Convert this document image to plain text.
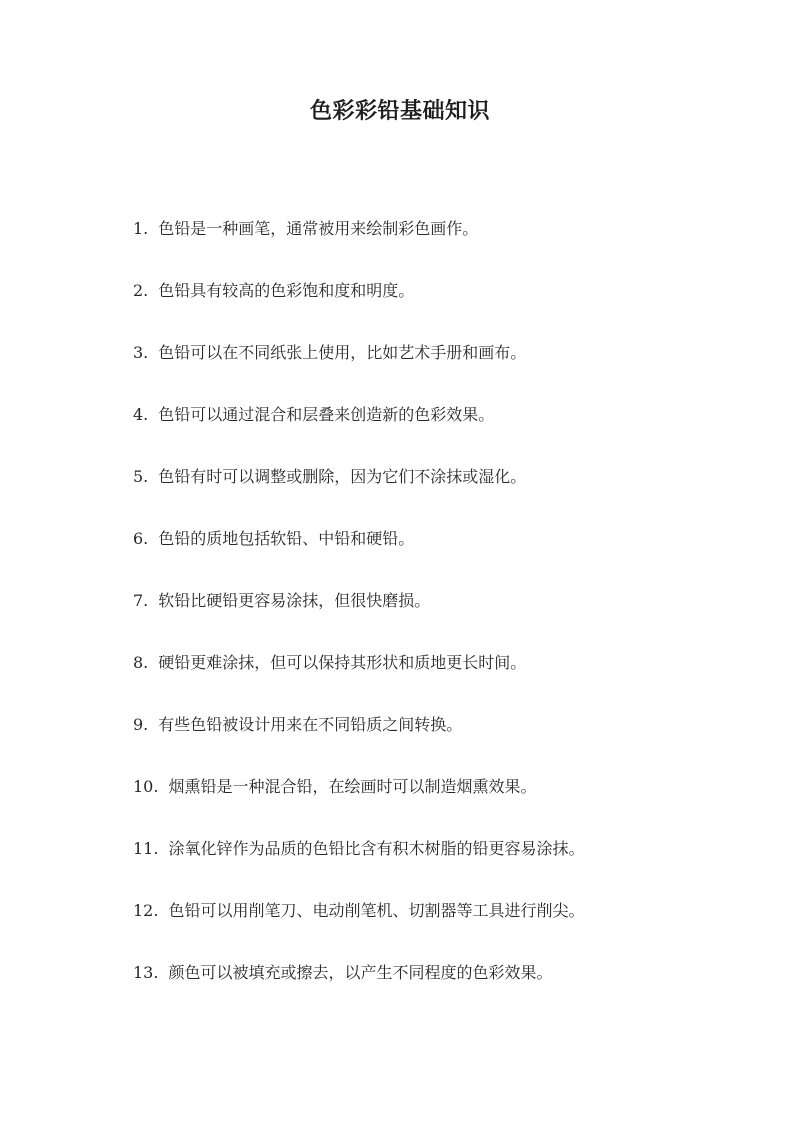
色彩彩铅基础知识
1. 色铅是一种画笔，通常被用来绘制彩色画作。
2. 色铅具有较高的色彩饱和度和明度。
3. 色铅可以在不同纸张上使用，比如艺术手册和画布。
4. 色铅可以通过混合和层叠来创造新的色彩效果。
5. 色铅有时可以调整或删除，因为它们不涂抹或湿化。
6. 色铅的质地包括软铅、中铅和硬铅。
7. 软铅比硬铅更容易涂抹，但很快磨损。
8. 硬铅更难涂抹，但可以保持其形状和质地更长时间。
9. 有些色铅被设计用来在不同铅质之间转换。
10. 烟熏铅是一种混合铅，在绘画时可以制造烟熏效果。
11. 涂氧化锌作为品质的色铅比含有积木树脂的铅更容易涂抹。
12. 色铅可以用削笔刀、电动削笔机、切割器等工具进行削尖。
13. 颜色可以被填充或擦去，以产生不同程度的色彩效果。
